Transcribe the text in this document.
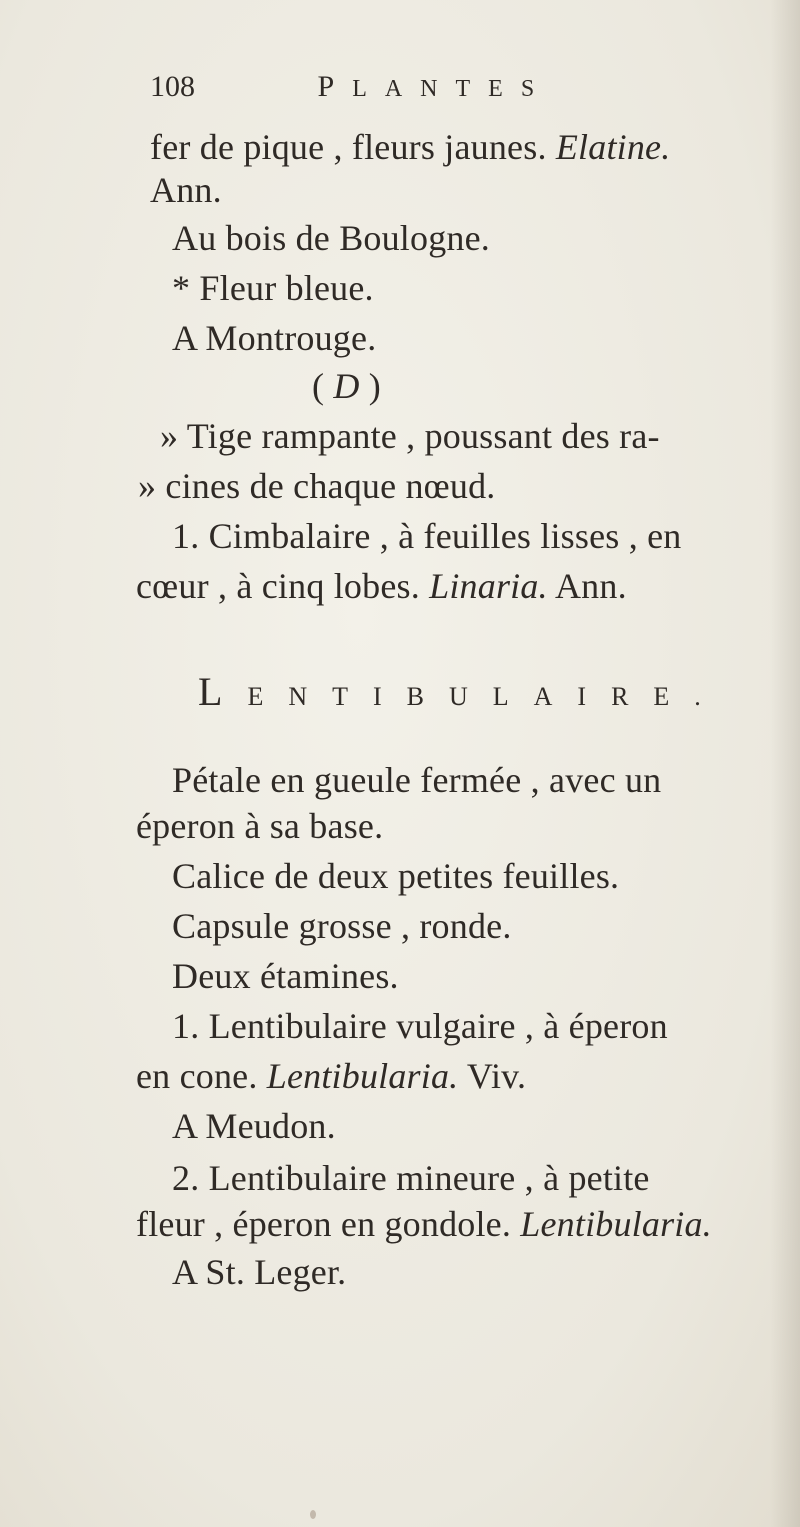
108	PLANTES
fer de pique , fleurs jaunes. Elatine.
Ann.
Au bois de Boulogne.
* Fleur bleue.
A Montrouge.
( D )
» Tige rampante , poussant des ra-
» cines de chaque nœud.
1. Cimbalaire , à feuilles lisses , en
cœur , à cinq lobes. Linaria. Ann.
LENTIBULAIRE.
Pétale en gueule fermée , avec un
éperon à sa base.
Calice de deux petites feuilles.
Capsule grosse , ronde.
Deux étamines.
1. Lentibulaire vulgaire , à éperon
en cone. Lentibularia. Viv.
A Meudon.
2. Lentibulaire mineure , à petite
fleur , éperon en gondole. Lentibularia.
A St. Leger.
